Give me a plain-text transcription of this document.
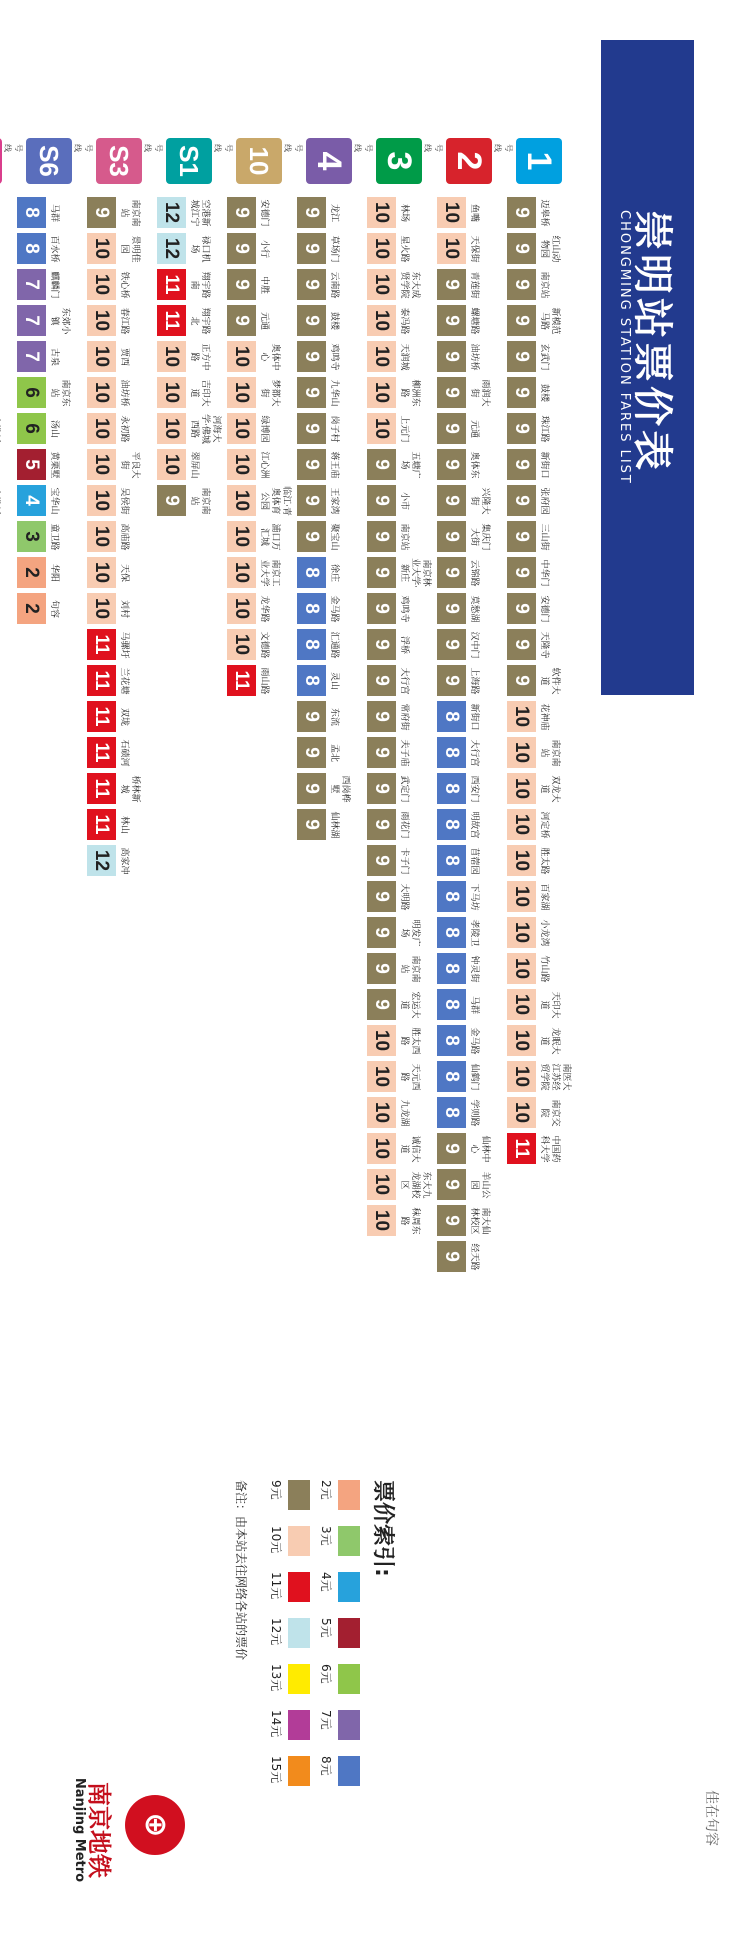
崇明站票价表
CHONGMING STATION FARES LIST
1
号线
迈皋桥
9
红山动物园
9
南京站
9
新模范马路
9
玄武门
9
鼓楼
9
珠江路
9
新街口
9
张府园
9
三山街
9
中华门
9
安德门
9
天隆寺
9
软件大道
9
花神庙
10
南京南站
10
双龙大道
10
河定桥
10
胜太路
10
百家湖
10
小龙湾
10
竹山路
10
天印大道
10
龙眠大道
10
南医大江苏经贸学院
10
南京交院
10
中国药科大学
11
2
号线
鱼嘴
10
天保街
10
青莲街
9
螺塘路
9
油坊桥
9
雨润大街
9
元通
9
奥体东
9
兴隆大街
9
集庆门大街
9
云锦路
9
莫愁湖
9
汉中门
9
上海路
9
新街口
8
大行宫
8
西安门
8
明故宫
8
苜蓿园
8
下马坊
8
孝陵卫
8
钟灵街
8
马群
8
金马路
8
仙鹤门
8
学则路
8
仙林中心
9
羊山公园
9
南大仙林校区
9
经天路
9
3
号线
林场
10
星火路
10
东大成贤学院
10
泰冯路
10
天润城
10
柳洲东路
10
上元门
10
五塘广场
9
小市
9
南京站
9
南京林业大学·新庄
9
鸡鸣寺
9
浮桥
9
大行宫
9
常府街
9
夫子庙
9
武定门
9
雨花门
9
卡子门
9
大明路
9
明发广场
9
南京南站
9
宏运大道
9
胜太西路
10
天元西路
10
九龙湖
10
诚信大道
10
东大九龙湖校区
10
秣周东路
10
4
号线
龙江
9
草场门
9
云南路
9
鼓楼
9
鸡鸣寺
9
九华山
9
岗子村
9
蒋王庙
9
王家湾
9
聚宝山
9
徐庄
8
金马路
8
汇通路
8
灵山
8
东流
9
孟北
9
西岗桦墅
9
仙林湖
9
10
号线
安德门
9
小行
9
中胜
9
元通
9
奥体中心
10
梦都大街
10
绿博园
10
江心洲
10
临江·青奥体育公园
10
浦口万汇城
10
南京工业大学
10
龙华路
10
文德路
10
雨山路
11
S1
号线
空港新城江宁
12
禄口机场
12
翔宇路南
11
翔宇路北
11
正方中路
10
吉印大道
10
河海大学·佛城西路
10
翠屏山
10
南京南站
9
S3
号线
南京南站
9
景明佳园
10
铁心桥
10
春江路
10
贾西
10
油坊桥
10
永初路
10
平良大街
10
吴侯街
10
高庙路
10
天保
10
刘村
10
马骡圩
11
兰花塘
11
双垅
11
石碛河
11
桥林新城
11
林山
11
高家冲
12
S6
号线
马群
8
百水桥
8
麒麟门
7
东郊小镇
7
古泉
7
南京东站
6
汤山
6
黄栗墅
5
宝华山
4
童卫路
3
华阳
2
句容
2
票价索引:
2元
3元
4元
5元
6元
7元
8元
9元
10元
11元
12元
13元
14元
15元
备注：由本站去往网络各站的票价
⊕
南京地铁
Nanjing Metro	佳在句容
